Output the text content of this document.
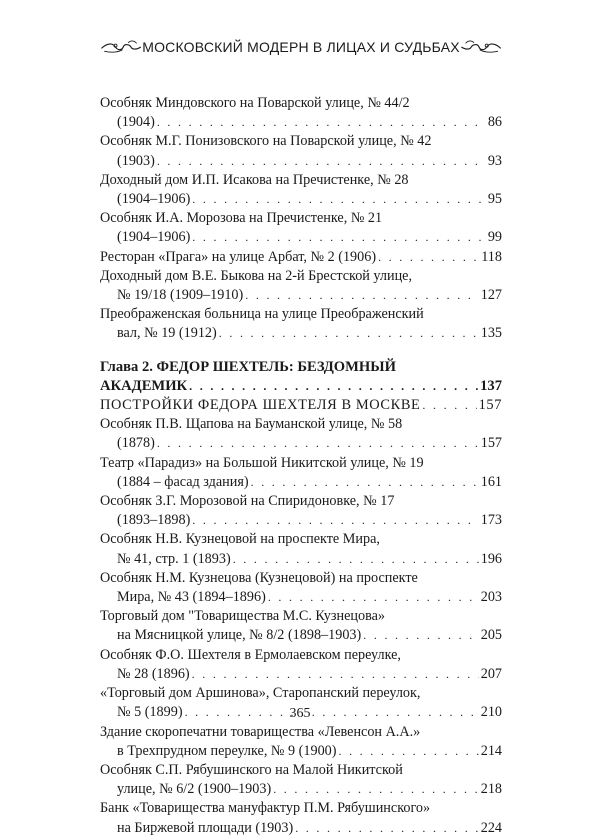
МОСКОВСКИЙ МОДЕРН В ЛИЦАХ И СУДЬБАХ
Особняк Миндовского на Поварской улице, № 44/2
(1904) . . .	86
Особняк М.Г. Понизовского на Поварской улице, № 42
(1903) . . .	93
Доходный дом И.П. Исакова на Пречистенке, № 28
(1904–1906) . . .	95
Особняк И.А. Морозова на Пречистенке, № 21
(1904–1906) . . .	99
Ресторан «Прага» на улице Арбат, № 2 (1906) . . .	118
Доходный дом В.Е. Быкова на 2-й Брестской улице,
№ 19/18 (1909–1910) . . .	127
Преображенская больница на улице Преображенский
вал, № 19 (1912) . . .	135
Глава 2. ФЕДОР ШЕХТЕЛЬ: БЕЗДОМНЫЙ
АКАДЕМИК . . .	137
ПОСТРОЙКИ ФЕДОРА ШЕХТЕЛЯ В МОСКВЕ . . .	157
Особняк П.В. Щапова на Бауманской улице, № 58
(1878) . . .	157
Театр «Парадиз» на Большой Никитской улице, № 19
(1884 – фасад здания) . . .	161
Особняк З.Г. Морозовой на Спиридоновке, № 17
(1893–1898) . . .	173
Особняк Н.В. Кузнецовой на проспекте Мира,
№ 41, стр. 1 (1893) . . .	196
Особняк Н.М. Кузнецова (Кузнецовой) на проспекте
Мира, № 43 (1894–1896) . . .	203
Торговый дом "Товарищества М.С. Кузнецова»
на Мясницкой улице, № 8/2 (1898–1903) . . .	205
Особняк Ф.О. Шехтеля в Ермолаевском переулке,
№ 28 (1896) . . .	207
«Торговый дом Аршинова», Старопанский переулок,
№ 5 (1899) . . .	210
Здание скоропечатни товарищества «Левенсон А.А.»
в Трехпрудном переулке, № 9 (1900) . . .	214
Особняк С.П. Рябушинского на Малой Никитской
улице, № 6/2 (1900–1903) . . .	218
Банк «Товарищества мануфактур П.М. Рябушинского»
на Биржевой площади (1903) . . .	224
365
